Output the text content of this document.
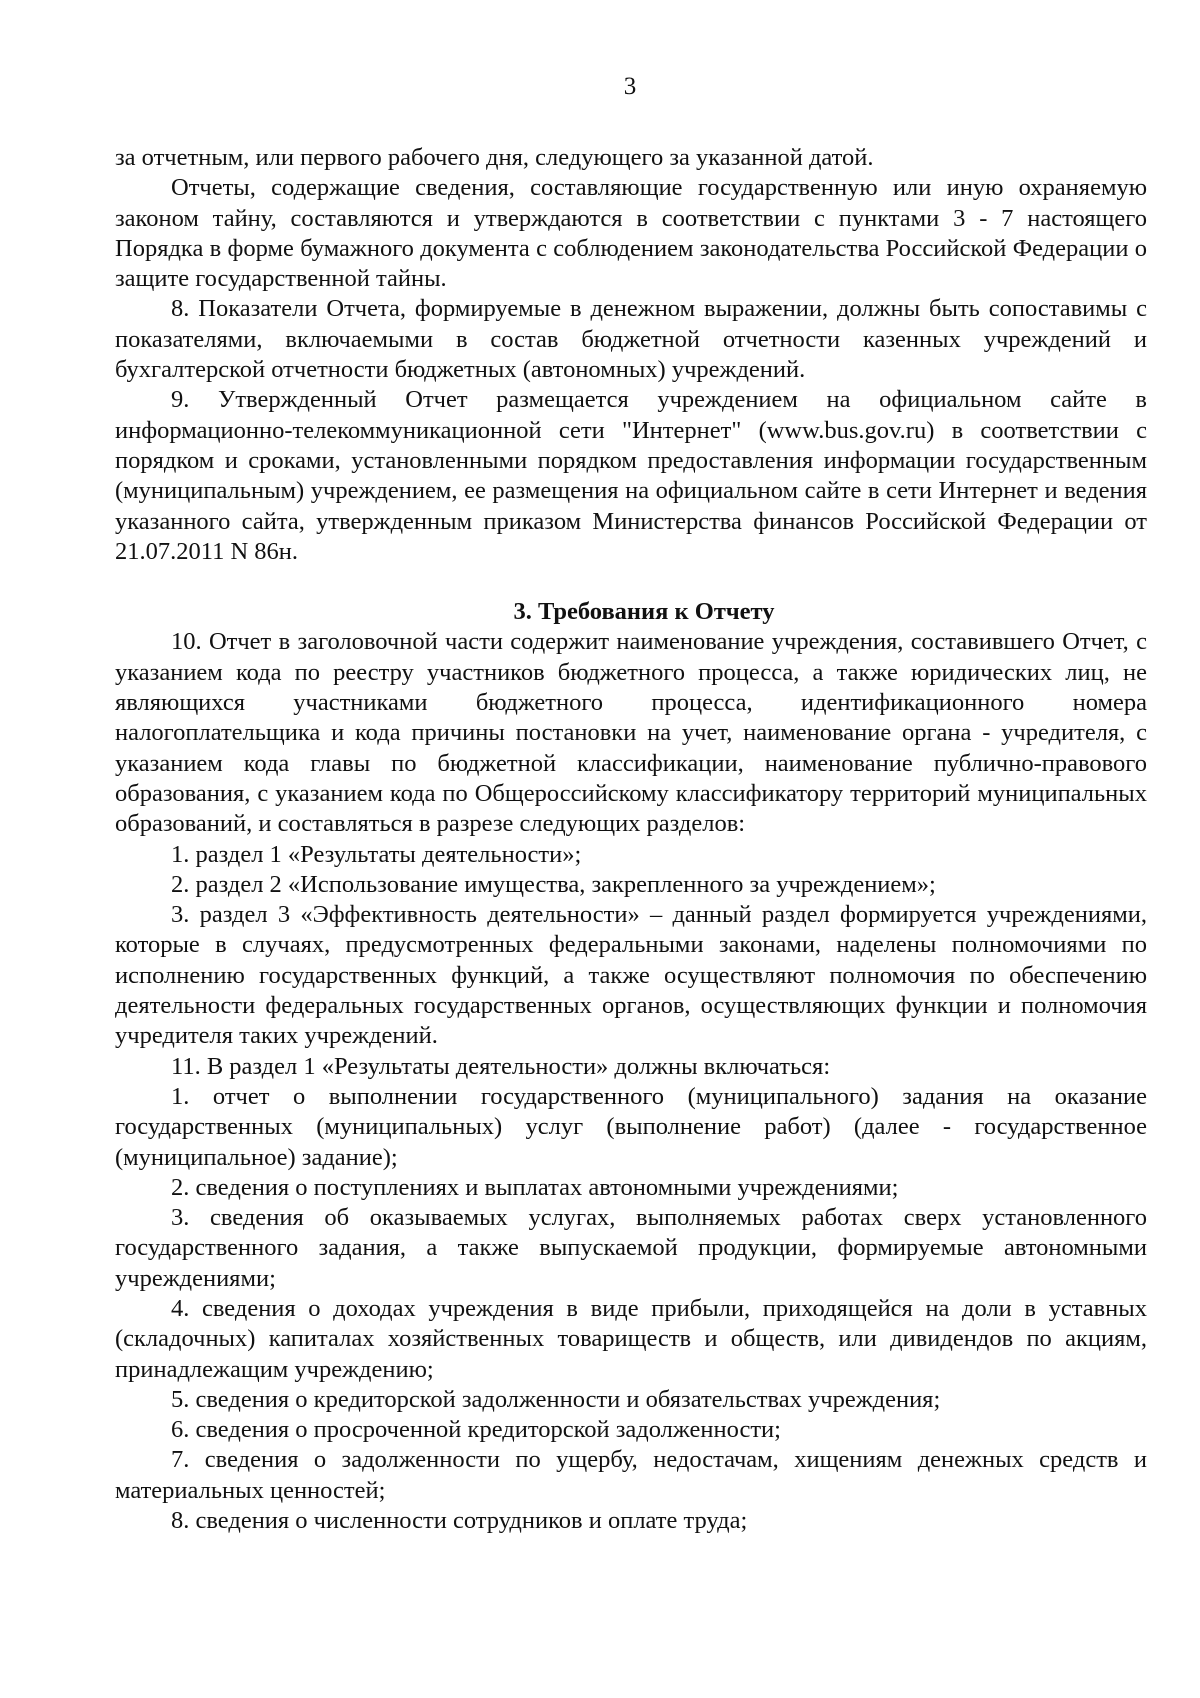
3

за отчетным, или первого рабочего дня, следующего за указанной датой.

Отчеты, содержащие сведения, составляющие государственную или иную охраняемую законом тайну, составляются и утверждаются в соответствии с пунктами 3 - 7 настоящего Порядка в форме бумажного документа с соблюдением законодательства Российской Федерации о защите государственной тайны.

8. Показатели Отчета, формируемые в денежном выражении, должны быть сопоставимы с показателями, включаемыми в состав бюджетной отчетности казенных учреждений и бухгалтерской отчетности бюджетных (автономных) учреждений.

9. Утвержденный Отчет размещается учреждением на официальном сайте в информационно-телекоммуникационной сети "Интернет" (www.bus.gov.ru) в соответствии с порядком и сроками, установленными порядком предоставления информации государственным (муниципальным) учреждением, ее размещения на официальном сайте в сети Интернет и ведения указанного сайта, утвержденным приказом Министерства финансов Российской Федерации от 21.07.2011 N 86н.

3. Требования к Отчету

10. Отчет в заголовочной части содержит наименование учреждения, составившего Отчет, с указанием кода по реестру участников бюджетного процесса, а также юридических лиц, не являющихся участниками бюджетного процесса, идентификационного номера налогоплательщика и кода причины постановки на учет, наименование органа - учредителя, с указанием кода главы по бюджетной классификации, наименование публично-правового образования, с указанием кода по Общероссийскому классификатору территорий муниципальных образований, и составляться в разрезе следующих разделов:

1. раздел 1 «Результаты деятельности»;

2. раздел 2 «Использование имущества, закрепленного за учреждением»;

3. раздел 3 «Эффективность деятельности» – данный раздел формируется учреждениями, которые в случаях, предусмотренных федеральными законами, наделены полномочиями по исполнению государственных функций, а также осуществляют полномочия по обеспечению деятельности федеральных государственных органов, осуществляющих функции и полномочия учредителя таких учреждений.

11. В раздел 1 «Результаты деятельности» должны включаться:

1. отчет о выполнении государственного (муниципального) задания на оказание государственных (муниципальных) услуг (выполнение работ) (далее - государственное (муниципальное) задание);

2. сведения о поступлениях и выплатах автономными учреждениями;

3. сведения об оказываемых услугах, выполняемых работах сверх установленного государственного задания, а также выпускаемой продукции, формируемые автономными учреждениями;

4. сведения о доходах учреждения в виде прибыли, приходящейся на доли в уставных (складочных) капиталах хозяйственных товариществ и обществ, или дивидендов по акциям, принадлежащим учреждению;

5. сведения о кредиторской задолженности и обязательствах учреждения;

6. сведения о просроченной кредиторской задолженности;

7. сведения о задолженности по ущербу, недостачам, хищениям денежных средств и материальных ценностей;

8. сведения о численности сотрудников и оплате труда;
